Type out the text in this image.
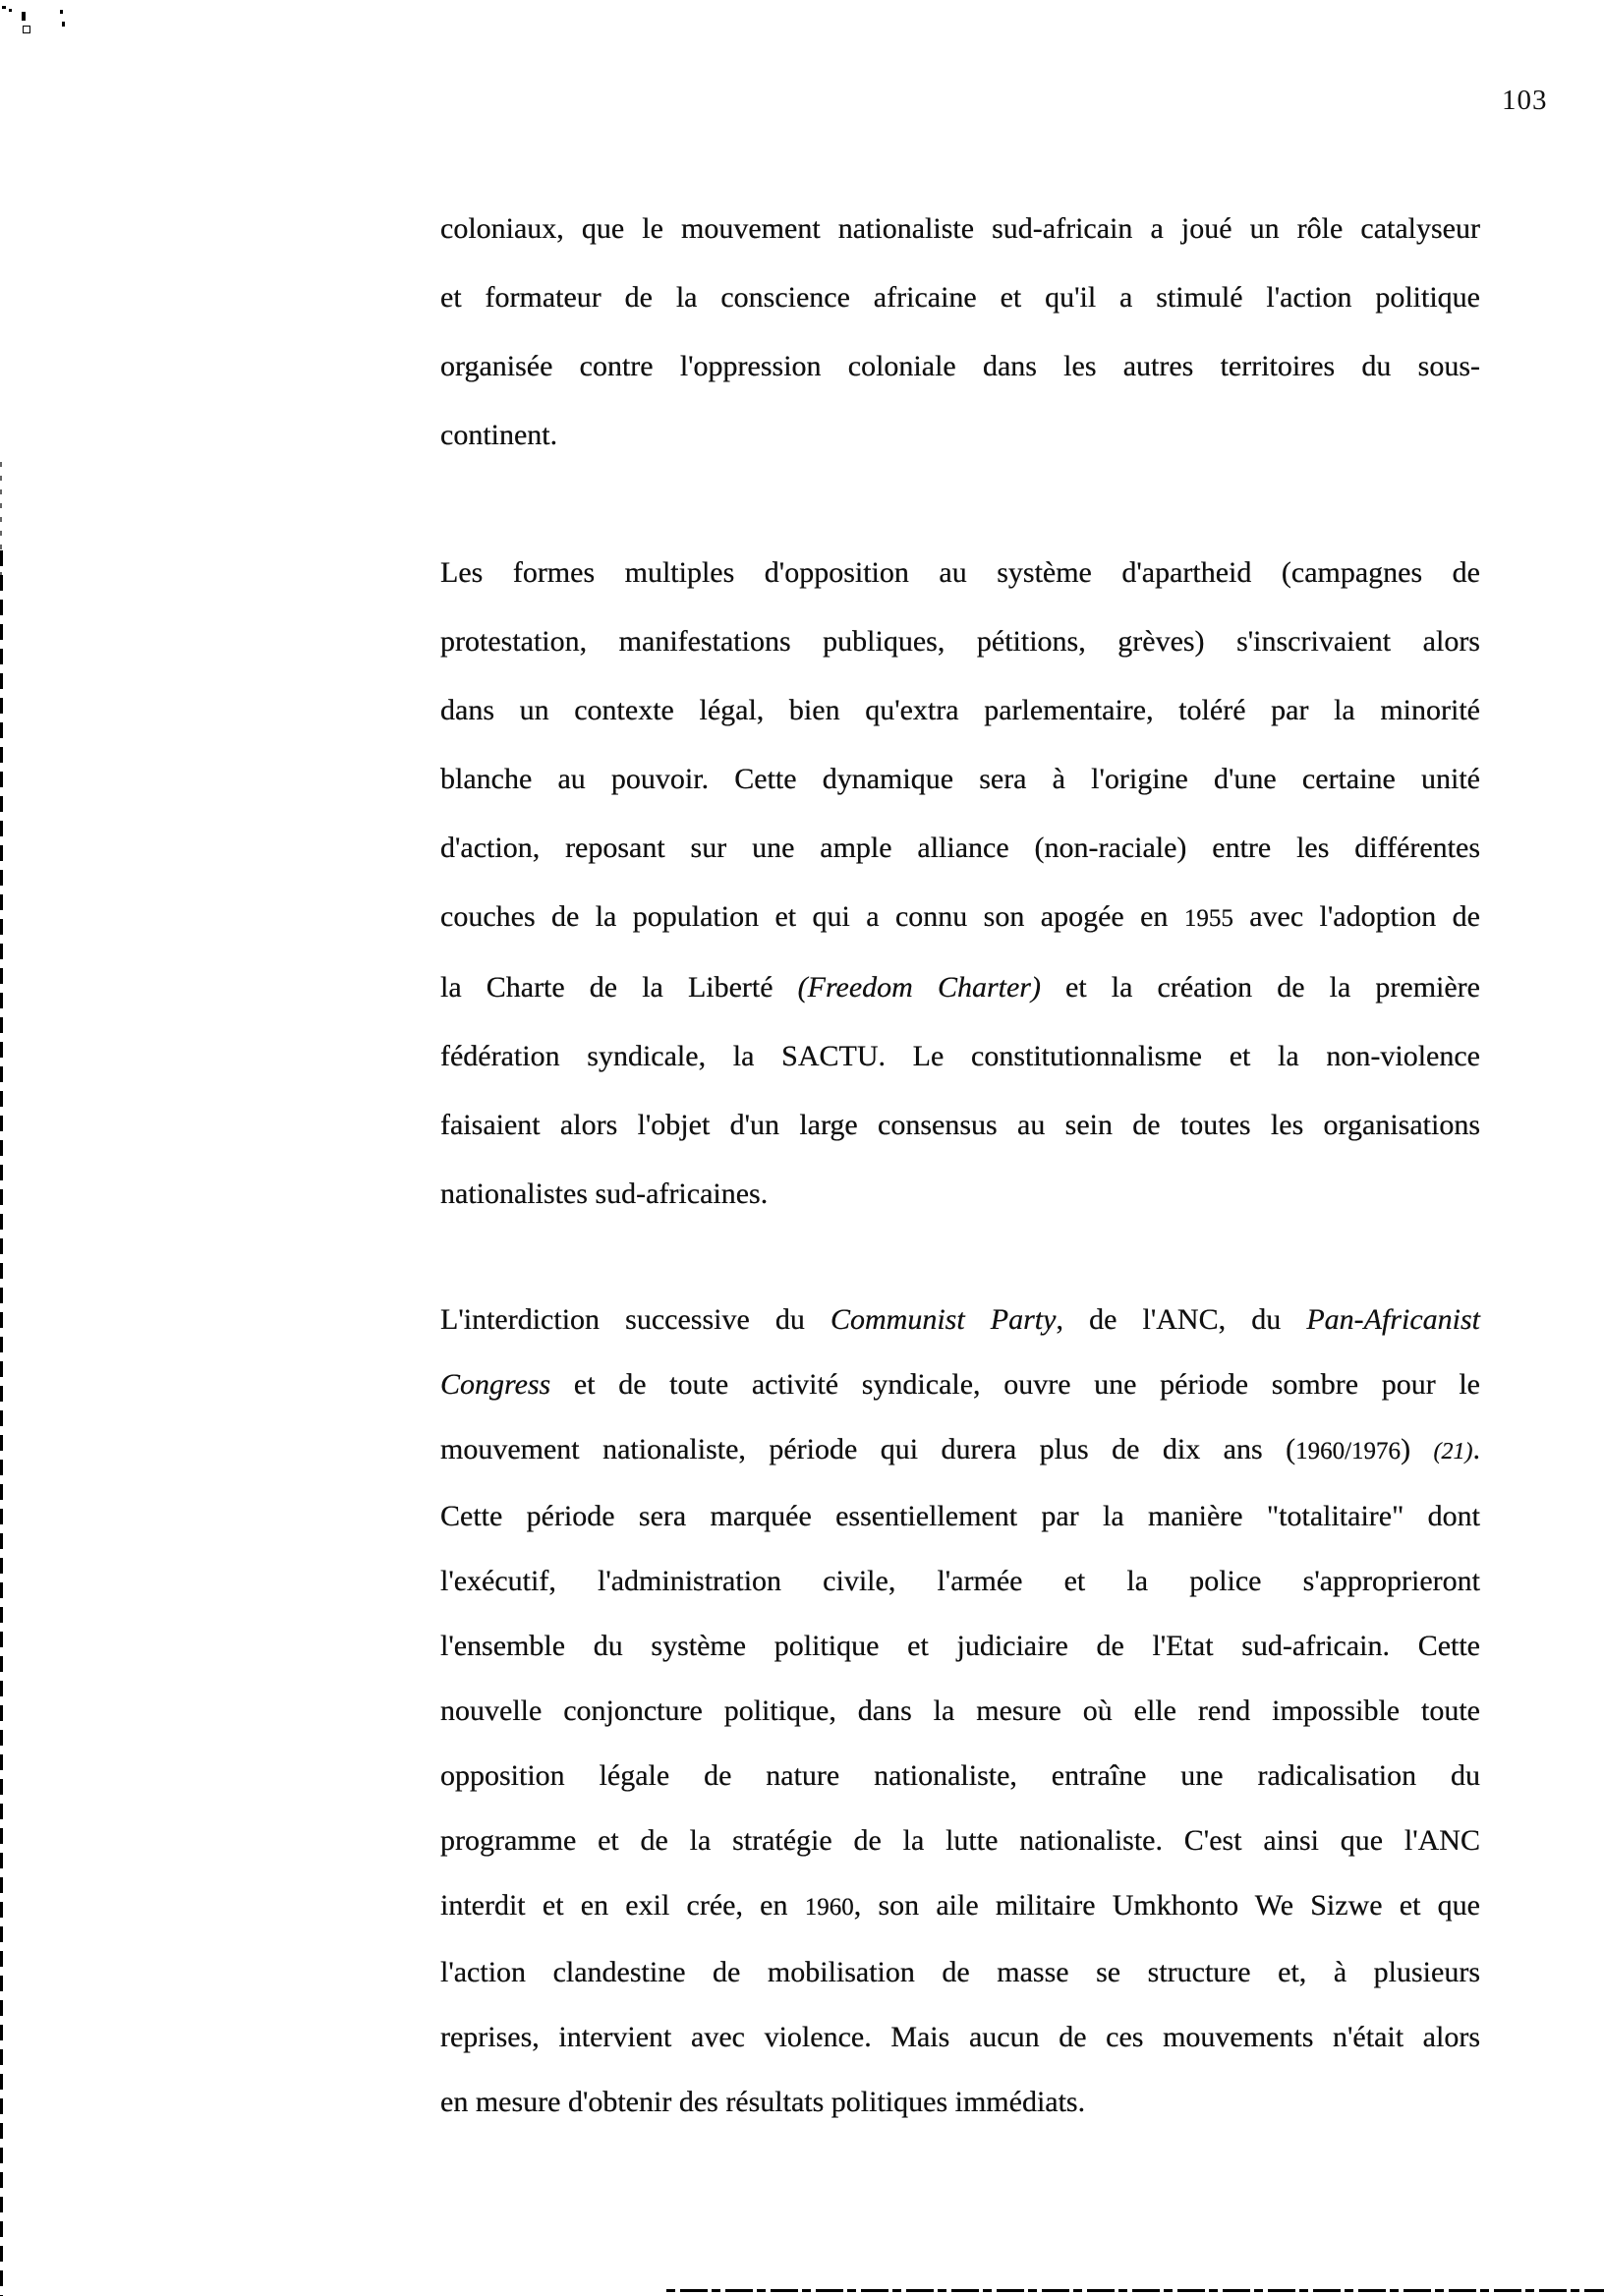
103
coloniaux, que le mouvement nationaliste sud-africain a joué un rôle catalyseur
et formateur de la conscience africaine et qu'il a stimulé l'action politique
organisée contre l'oppression coloniale dans les autres territoires du sous-
continent.
Les formes multiples d'opposition au système d'apartheid (campagnes de
protestation, manifestations publiques, pétitions, grèves) s'inscrivaient alors
dans un contexte légal, bien qu'extra parlementaire, toléré par la minorité
blanche au pouvoir. Cette dynamique sera à l'origine d'une certaine unité
d'action, reposant sur une ample alliance (non-raciale) entre les différentes
couches de la population et qui a connu son apogée en 1955 avec l'adoption de
la Charte de la Liberté (Freedom Charter) et la création de la première
fédération syndicale, la SACTU. Le constitutionnalisme et la non-violence
faisaient alors l'objet d'un large consensus au sein de toutes les organisations
nationalistes sud-africaines.
L'interdiction successive du Communist Party, de l'ANC, du Pan-Africanist
Congress et de toute activité syndicale, ouvre une période sombre pour le
mouvement nationaliste, période qui durera plus de dix ans (1960/1976) (21).
Cette période sera marquée essentiellement par la manière "totalitaire" dont
l'exécutif, l'administration civile, l'armée et la police s'approprieront
l'ensemble du système politique et judiciaire de l'Etat sud-africain. Cette
nouvelle conjoncture politique, dans la mesure où elle rend impossible toute
opposition légale de nature nationaliste, entraîne une radicalisation du
programme et de la stratégie de la lutte nationaliste. C'est ainsi que l'ANC
interdit et en exil crée, en 1960, son aile militaire Umkhonto We Sizwe et que
l'action clandestine de mobilisation de masse se structure et, à plusieurs
reprises, intervient avec violence. Mais aucun de ces mouvements n'était alors
en mesure d'obtenir des résultats politiques immédiats.
